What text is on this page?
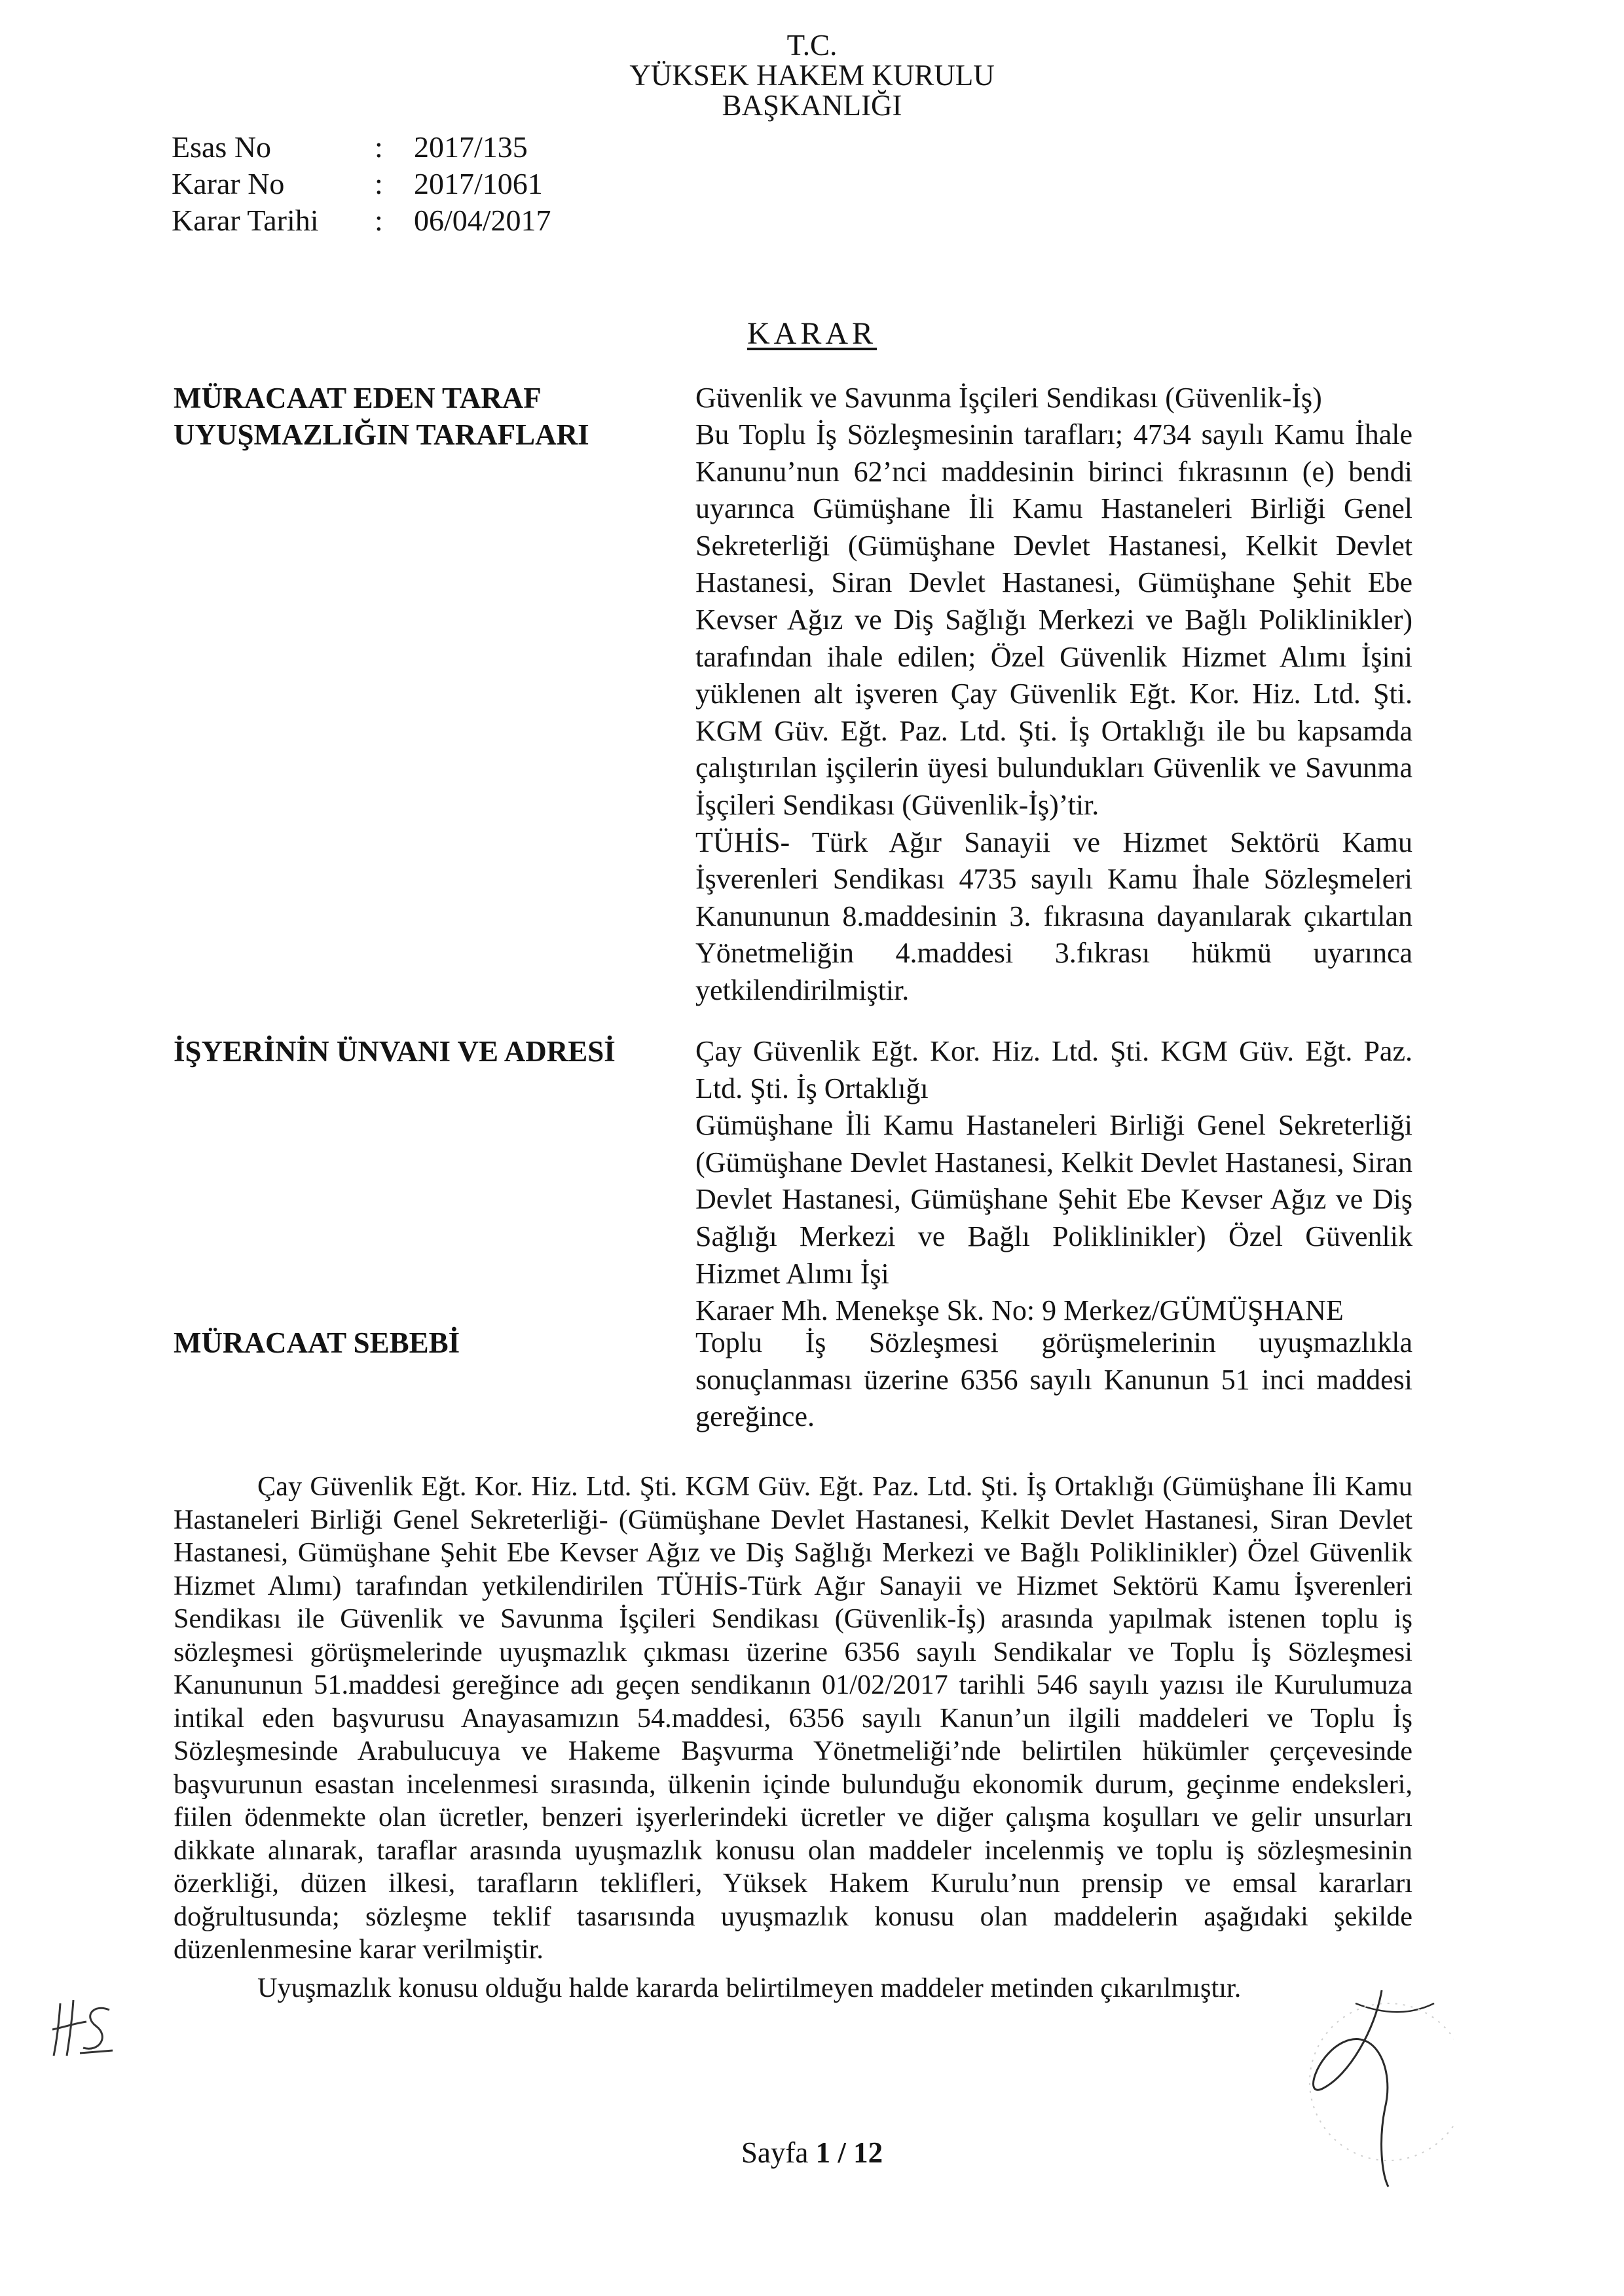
T.C.
YÜKSEK HAKEM KURULU
BAŞKANLIĞI
Esas No	: 2017/135
Karar No	: 2017/1061
Karar Tarihi : 06/04/2017
KARAR
MÜRACAAT EDEN TARAF
UYUŞMAZLIĞIN TARAFLARI
İŞYERİNİN ÜNVANI VE ADRESİ
MÜRACAAT SEBEBİ

Güvenlik ve Savunma İşçileri Sendikası (Güvenlik-İş)

Bu Toplu İş Sözleşmesinin tarafları; 4734 sayılı Kamu İhale Kanunu’nun 62’nci maddesinin birinci fıkrasının (e) bendi uyarınca Gümüşhane İli Kamu Hastaneleri Birliği Genel Sekreterliği (Gümüşhane Devlet Hastanesi, Kelkit Devlet Hastanesi, Siran Devlet Hastanesi, Gümüşhane Şehit Ebe Kevser Ağız ve Diş Sağlığı Merkezi ve Bağlı Poliklinikler) tarafından ihale edilen; Özel Güvenlik Hizmet Alımı İşini yüklenen alt işveren Çay Güvenlik Eğt. Kor. Hiz. Ltd. Şti. KGM Güv. Eğt. Paz. Ltd. Şti. İş Ortaklığı ile bu kapsamda çalıştırılan işçilerin üyesi bulundukları Güvenlik ve Savunma İşçileri Sendikası (Güvenlik-İş)’tir.

TÜHİS- Türk Ağır Sanayii ve Hizmet Sektörü Kamu İşverenleri Sendikası 4735 sayılı Kamu İhale Sözleşmeleri Kanununun 8.maddesinin 3. fıkrasına dayanılarak çıkartılan Yönetmeliğin 4.maddesi 3.fıkrası hükmü uyarınca yetkilendirilmiştir.

Çay Güvenlik Eğt. Kor. Hiz. Ltd. Şti. KGM Güv. Eğt. Paz. Ltd. Şti. İş Ortaklığı

Gümüşhane İli Kamu Hastaneleri Birliği Genel Sekreterliği (Gümüşhane Devlet Hastanesi, Kelkit Devlet Hastanesi, Siran Devlet Hastanesi, Gümüşhane Şehit Ebe Kevser Ağız ve Diş Sağlığı Merkezi ve Bağlı Poliklinikler) Özel Güvenlik Hizmet Alımı İşi

Karaer Mh. Menekşe Sk. No: 9 Merkez/GÜMÜŞHANE

Toplu İş Sözleşmesi görüşmelerinin uyuşmazlıkla sonuçlanması üzerine 6356 sayılı Kanunun 51 inci maddesi gereğince.

Çay Güvenlik Eğt. Kor. Hiz. Ltd. Şti. KGM Güv. Eğt. Paz. Ltd. Şti. İş Ortaklığı (Gümüşhane İli Kamu Hastaneleri Birliği Genel Sekreterliği- (Gümüşhane Devlet Hastanesi, Kelkit Devlet Hastanesi, Siran Devlet Hastanesi, Gümüşhane Şehit Ebe Kevser Ağız ve Diş Sağlığı Merkezi ve Bağlı Poliklinikler) Özel Güvenlik Hizmet Alımı) tarafından yetkilendirilen TÜHİS-Türk Ağır Sanayii ve Hizmet Sektörü Kamu İşverenleri Sendikası ile Güvenlik ve Savunma İşçileri Sendikası (Güvenlik-İş) arasında yapılmak istenen toplu iş sözleşmesi görüşmelerinde uyuşmazlık çıkması üzerine 6356 sayılı Sendikalar ve Toplu İş Sözleşmesi Kanununun 51.maddesi gereğince adı geçen sendikanın 01/02/2017 tarihli 546 sayılı yazısı ile Kurulumuza intikal eden başvurusu Anayasamızın 54.maddesi, 6356 sayılı Kanun’un ilgili maddeleri ve Toplu İş Sözleşmesinde Arabulucuya ve Hakeme Başvurma Yönetmeliği’nde belirtilen hükümler çerçevesinde başvurunun esastan incelenmesi sırasında, ülkenin içinde bulunduğu ekonomik durum, geçinme endeksleri, fiilen ödenmekte olan ücretler, benzeri işyerlerindeki ücretler ve diğer çalışma koşulları ve gelir unsurları dikkate alınarak, taraflar arasında uyuşmazlık konusu olan maddeler incelenmiş ve toplu iş sözleşmesinin özerkliği, düzen ilkesi, tarafların teklifleri, Yüksek Hakem Kurulu’nun prensip ve emsal kararları doğrultusunda; sözleşme teklif tasarısında uyuşmazlık konusu olan maddelerin aşağıdaki şekilde düzenlenmesine karar verilmiştir.

Uyuşmazlık konusu olduğu halde kararda belirtilmeyen maddeler metinden çıkarılmıştır.

Sayfa 1 / 12
